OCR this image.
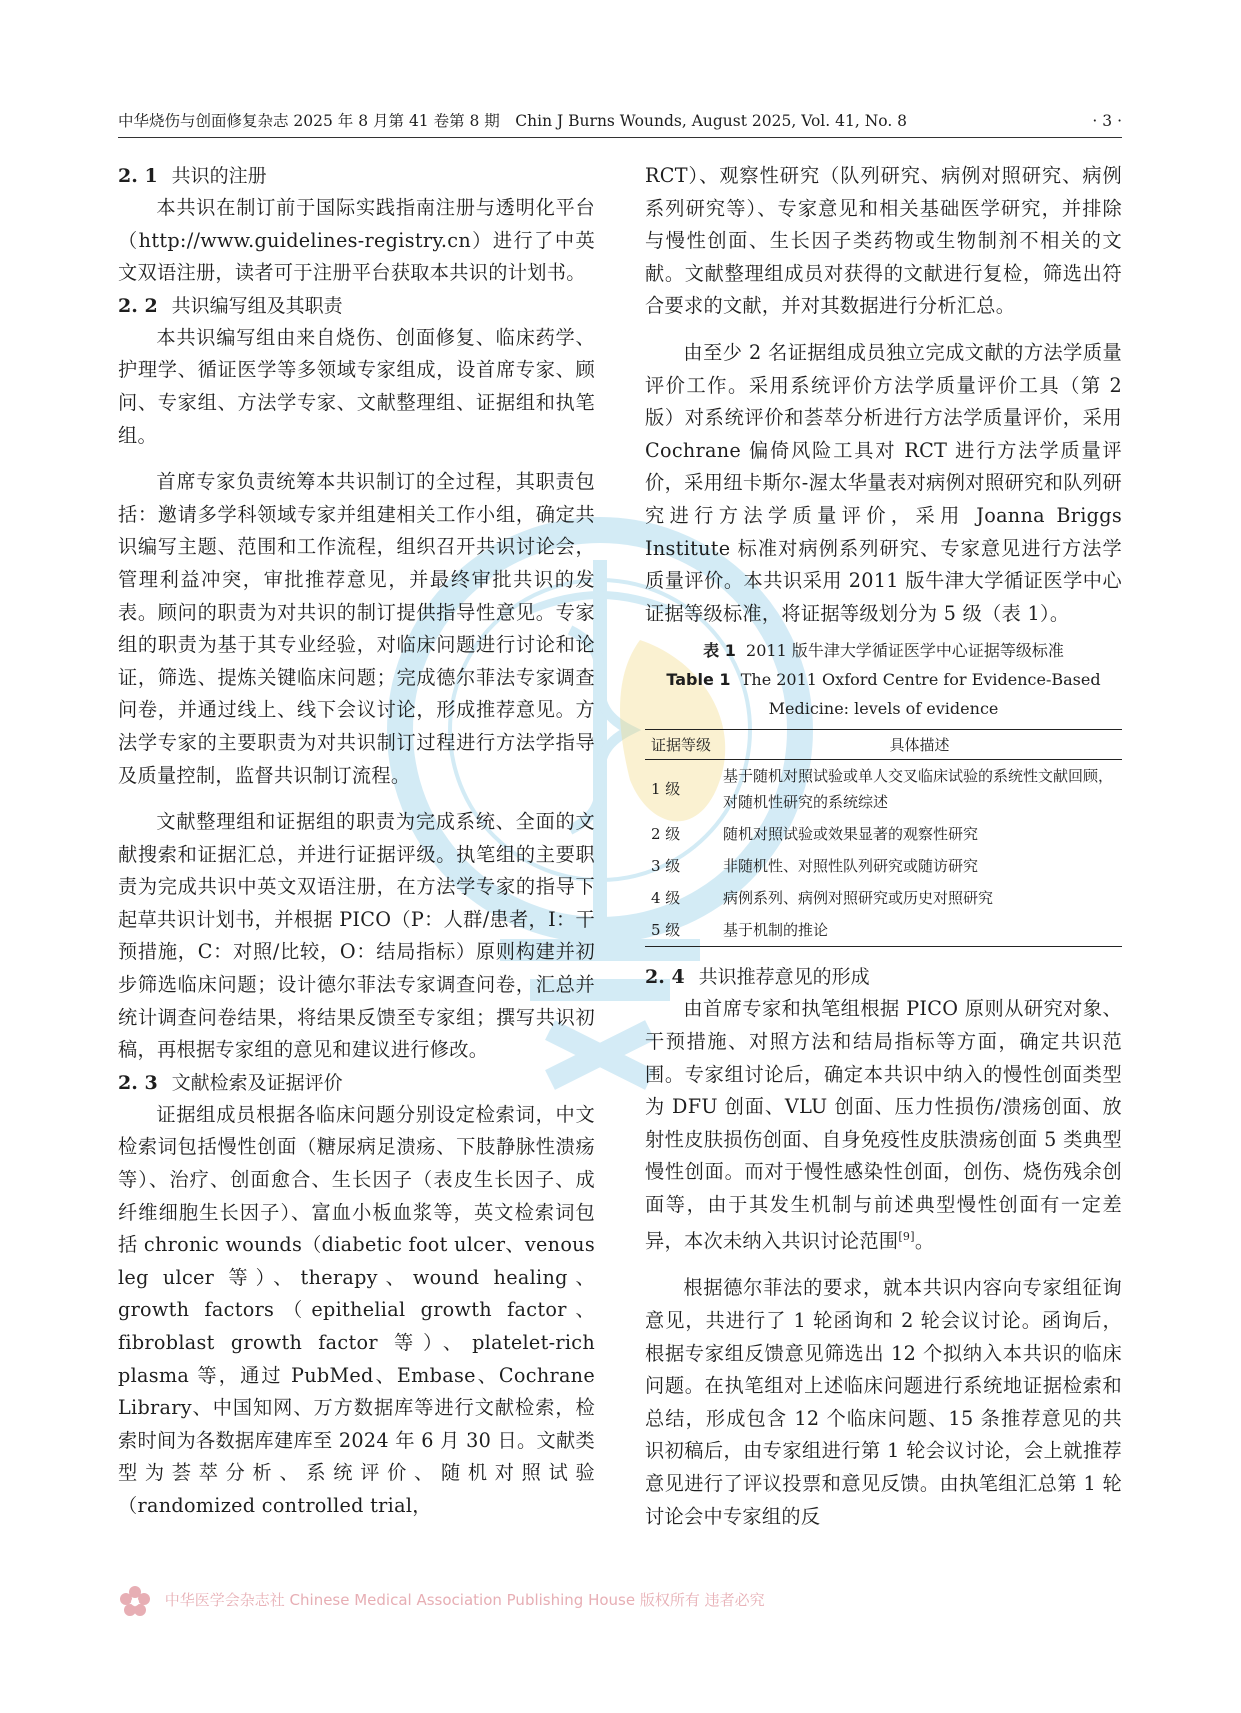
中华烧伤与创面修复杂志 2025 年 8 月第 41 卷第 8 期　Chin J Burns Wounds, August 2025, Vol. 41, No. 8	· 3 ·
2. 1 共识的注册

本共识在制订前于国际实践指南注册与透明化平台（http://www.guidelines-registry.cn）进行了中英文双语注册，读者可于注册平台获取本共识的计划书。

2. 2 共识编写组及其职责

本共识编写组由来自烧伤、创面修复、临床药学、护理学、循证医学等多领域专家组成，设首席专家、顾问、专家组、方法学专家、文献整理组、证据组和执笔组。

首席专家负责统筹本共识制订的全过程，其职责包括：邀请多学科领域专家并组建相关工作小组，确定共识编写主题、范围和工作流程，组织召开共识讨论会，管理利益冲突，审批推荐意见，并最终审批共识的发表。顾问的职责为对共识的制订提供指导性意见。专家组的职责为基于其专业经验，对临床问题进行讨论和论证，筛选、提炼关键临床问题；完成德尔菲法专家调查问卷，并通过线上、线下会议讨论，形成推荐意见。方法学专家的主要职责为对共识制订过程进行方法学指导及质量控制，监督共识制订流程。

文献整理组和证据组的职责为完成系统、全面的文献搜索和证据汇总，并进行证据评级。执笔组的主要职责为完成共识中英文双语注册，在方法学专家的指导下起草共识计划书，并根据 PICO（P：人群/患者，I：干预措施，C：对照/比较，O：结局指标）原则构建并初步筛选临床问题；设计德尔菲法专家调查问卷，汇总并统计调查问卷结果，将结果反馈至专家组；撰写共识初稿，再根据专家组的意见和建议进行修改。

2. 3 文献检索及证据评价

证据组成员根据各临床问题分别设定检索词，中文检索词包括慢性创面（糖尿病足溃疡、下肢静脉性溃疡等）、治疗、创面愈合、生长因子（表皮生长因子、成纤维细胞生长因子）、富血小板血浆等，英文检索词包括 chronic wounds（diabetic foot ulcer、venous leg ulcer 等）、therapy、wound healing、growth factors（epithelial growth factor、fibroblast growth factor 等）、platelet-rich plasma 等，通过 PubMed、Embase、Cochrane Library、中国知网、万方数据库等进行文献检索，检索时间为各数据库建库至 2024 年 6 月 30 日。文献类型为荟萃分析、系统评价、随机对照试验（randomized controlled trial，

RCT）、观察性研究（队列研究、病例对照研究、病例系列研究等）、专家意见和相关基础医学研究，并排除与慢性创面、生长因子类药物或生物制剂不相关的文献。文献整理组成员对获得的文献进行复检，筛选出符合要求的文献，并对其数据进行分析汇总。

由至少 2 名证据组成员独立完成文献的方法学质量评价工作。采用系统评价方法学质量评价工具（第 2 版）对系统评价和荟萃分析进行方法学质量评价，采用 Cochrane 偏倚风险工具对 RCT 进行方法学质量评价，采用纽卡斯尔-渥太华量表对病例对照研究和队列研究进行方法学质量评价，采用 Joanna Briggs Institute 标准对病例系列研究、专家意见进行方法学质量评价。本共识采用 2011 版牛津大学循证医学中心证据等级标准，将证据等级划分为 5 级（表 1）。

表 1 2011 版牛津大学循证医学中心证据等级标准
Table 1 The 2011 Oxford Centre for Evidence-Based Medicine: levels of evidence
证据等级	具体描述
1 级	基于随机对照试验或单人交叉临床试验的系统性文献回顾，对随机性研究的系统综述
2 级	随机对照试验或效果显著的观察性研究
3 级	非随机性、对照性队列研究或随访研究
4 级	病例系列、病例对照研究或历史对照研究
5 级	基于机制的推论
2. 4 共识推荐意见的形成

由首席专家和执笔组根据 PICO 原则从研究对象、干预措施、对照方法和结局指标等方面，确定共识范围。专家组讨论后，确定本共识中纳入的慢性创面类型为 DFU 创面、VLU 创面、压力性损伤/溃疡创面、放射性皮肤损伤创面、自身免疫性皮肤溃疡创面 5 类典型慢性创面。而对于慢性感染性创面，创伤、烧伤残余创面等，由于其发生机制与前述典型慢性创面有一定差异，本次未纳入共识讨论范围[9]。

根据德尔菲法的要求，就本共识内容向专家组征询意见，共进行了 1 轮函询和 2 轮会议讨论。函询后，根据专家组反馈意见筛选出 12 个拟纳入本共识的临床问题。在执笔组对上述临床问题进行系统地证据检索和总结，形成包含 12 个临床问题、15 条推荐意见的共识初稿后，由专家组进行第 1 轮会议讨论，会上就推荐意见进行了评议投票和意见反馈。由执笔组汇总第 1 轮讨论会中专家组的反

中华医学会杂志社 Chinese Medical Association Publishing House 版权所有 违者必究
